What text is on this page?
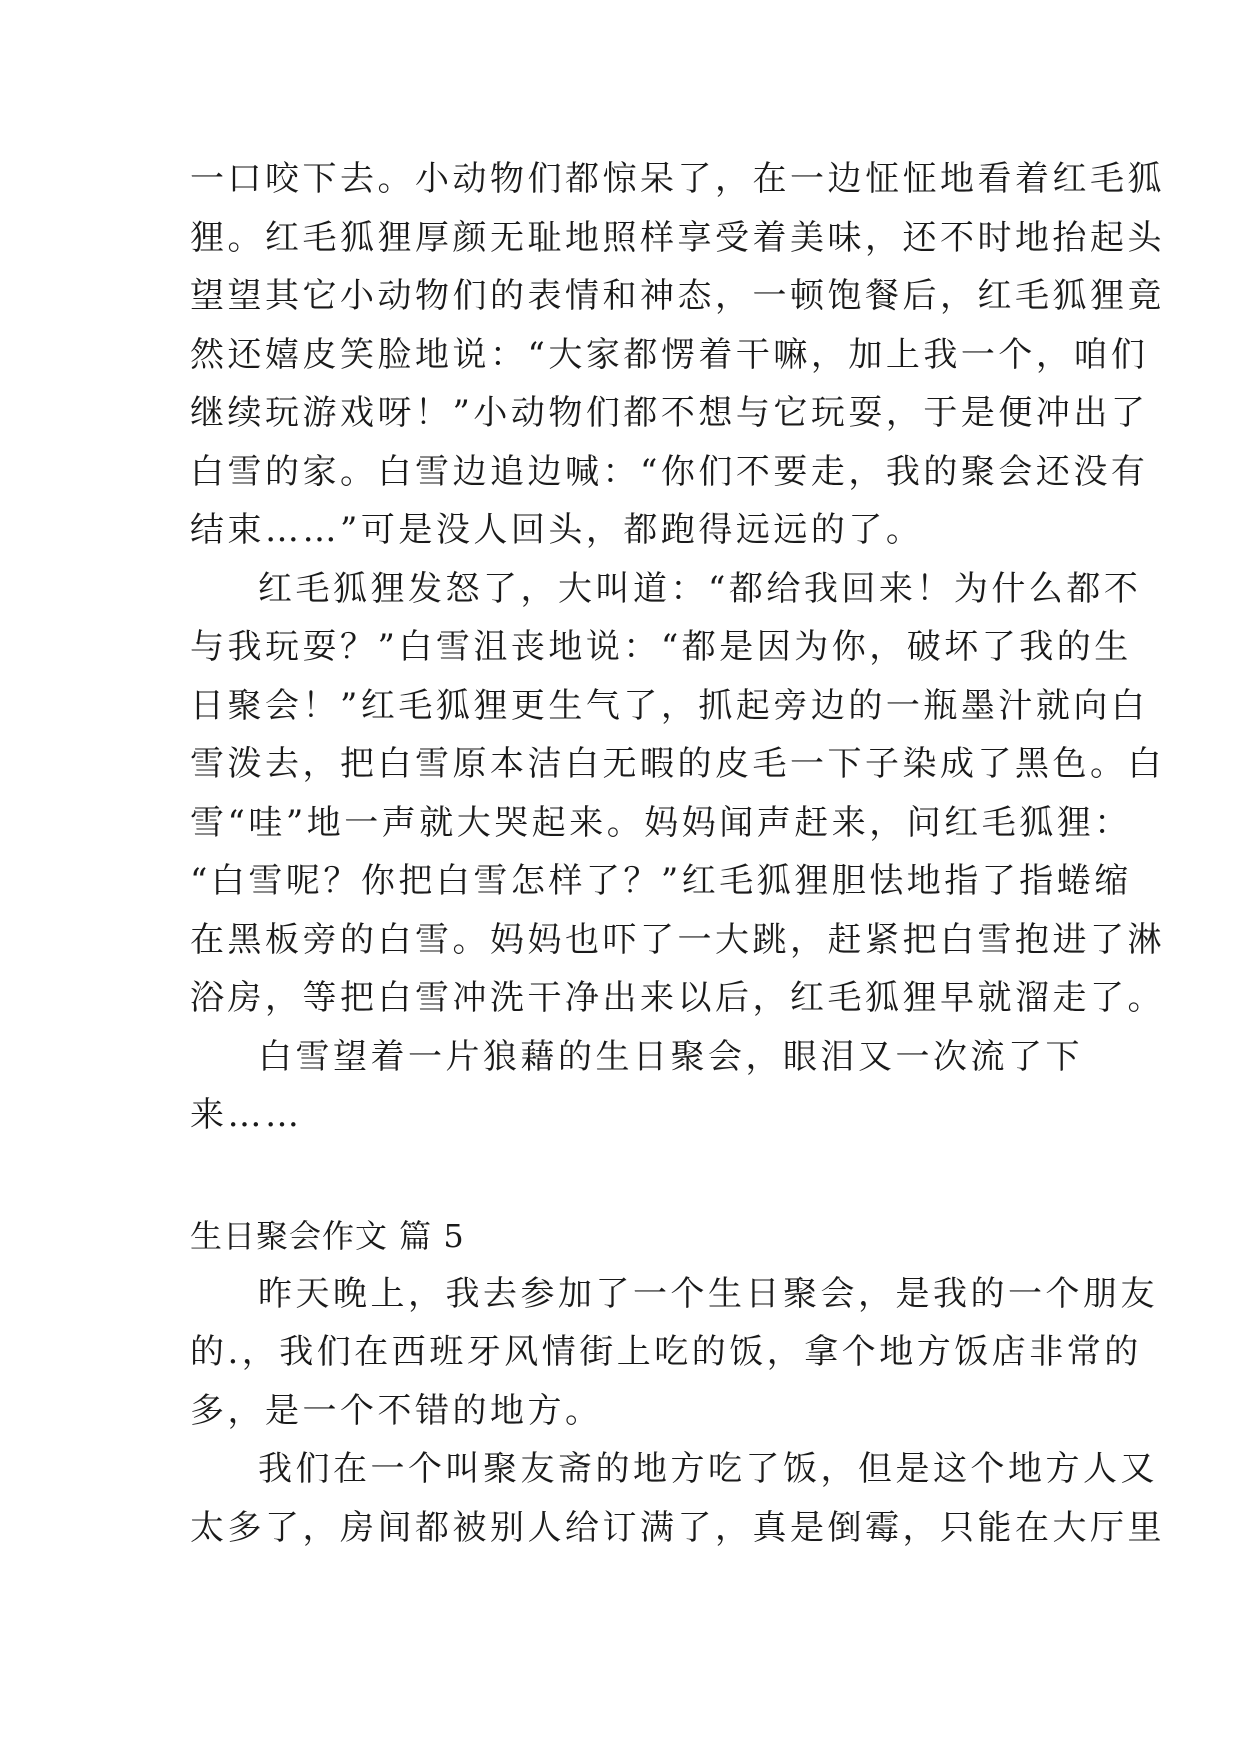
一口咬下去。小动物们都惊呆了，在一边怔怔地看着红毛狐
狸。红毛狐狸厚颜无耻地照样享受着美味，还不时地抬起头
望望其它小动物们的表情和神态，一顿饱餐后，红毛狐狸竟
然还嬉皮笑脸地说：“大家都愣着干嘛，加上我一个，咱们
继续玩游戏呀！”小动物们都不想与它玩耍，于是便冲出了
白雪的家。白雪边追边喊：“你们不要走，我的聚会还没有
结束……”可是没人回头，都跑得远远的了。
红毛狐狸发怒了，大叫道：“都给我回来！为什么都不
与我玩耍？”白雪沮丧地说：“都是因为你，破坏了我的生
日聚会！”红毛狐狸更生气了，抓起旁边的一瓶墨汁就向白
雪泼去，把白雪原本洁白无暇的皮毛一下子染成了黑色。白
雪“哇”地一声就大哭起来。妈妈闻声赶来，问红毛狐狸：
“白雪呢？你把白雪怎样了？”红毛狐狸胆怯地指了指蜷缩
在黑板旁的白雪。妈妈也吓了一大跳，赶紧把白雪抱进了淋
浴房，等把白雪冲洗干净出来以后，红毛狐狸早就溜走了。
白雪望着一片狼藉的生日聚会，眼泪又一次流了下
来……
生日聚会作文 篇 5
昨天晚上，我去参加了一个生日聚会，是我的一个朋友
的.，我们在西班牙风情街上吃的饭，拿个地方饭店非常的
多，是一个不错的地方。
我们在一个叫聚友斋的地方吃了饭，但是这个地方人又
太多了，房间都被别人给订满了，真是倒霉，只能在大厅里
